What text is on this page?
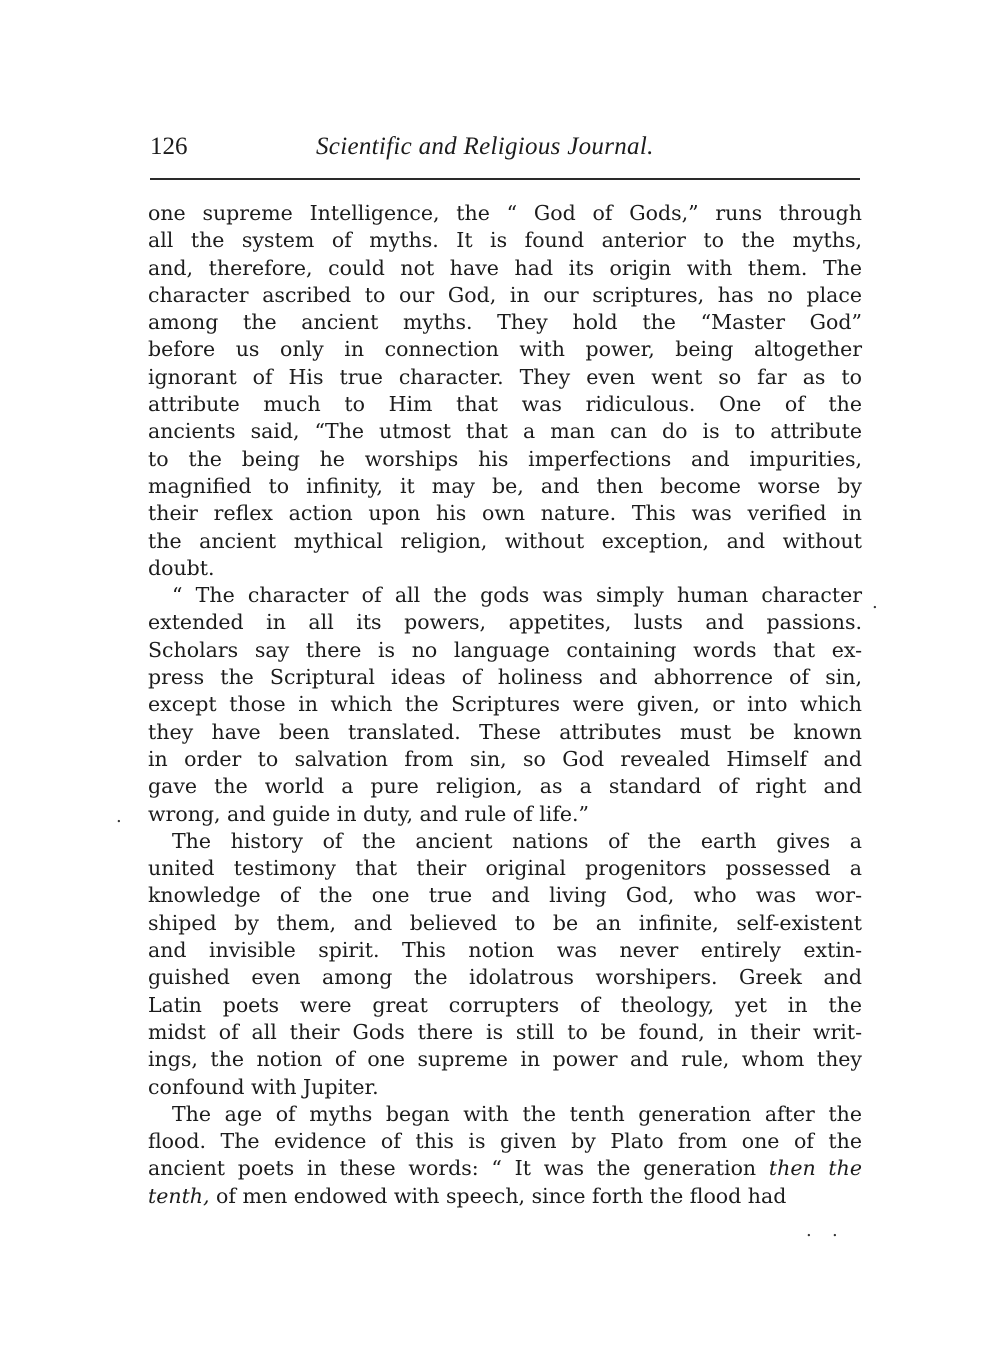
126	Scientific and Religious Journal.
one supreme Intelligence, the “ God of Gods,” runs through
all the system of myths. It is found anterior to the myths,
and, therefore, could not have had its origin with them. The
character ascribed to our God, in our scriptures, has no place
among the ancient myths. They hold the “Master God”
before us only in connection with power, being altogether
ignorant of His true character. They even went so far as to
attribute much to Him that was ridiculous. One of the
ancients said, “The utmost that a man can do is to attribute
to the being he worships his imperfections and impurities,
magnified to infinity, it may be, and then become worse by
their reflex action upon his own nature. This was verified in
the ancient mythical religion, without exception, and without
doubt.
“ The character of all the gods was simply human character
extended in all its powers, appetites, lusts and passions.
Scholars say there is no language containing words that ex-
press the Scriptural ideas of holiness and abhorrence of sin,
except those in which the Scriptures were given, or into which
they have been translated. These attributes must be known
in order to salvation from sin, so God revealed Himself and
gave the world a pure religion, as a standard of right and
wrong, and guide in duty, and rule of life.”
The history of the ancient nations of the earth gives a
united testimony that their original progenitors possessed a
knowledge of the one true and living God, who was wor-
shiped by them, and believed to be an infinite, self-existent
and invisible spirit. This notion was never entirely extin-
guished even among the idolatrous worshipers. Greek and
Latin poets were great corrupters of theology, yet in the
midst of all their Gods there is still to be found, in their writ-
ings, the notion of one supreme in power and rule, whom they
confound with Jupiter.
The age of myths began with the tenth generation after the
flood. The evidence of this is given by Plato from one of the
ancient poets in these words: “ It was the generation then the
tenth, of men endowed with speech, since forth the flood had
.
.
. .
